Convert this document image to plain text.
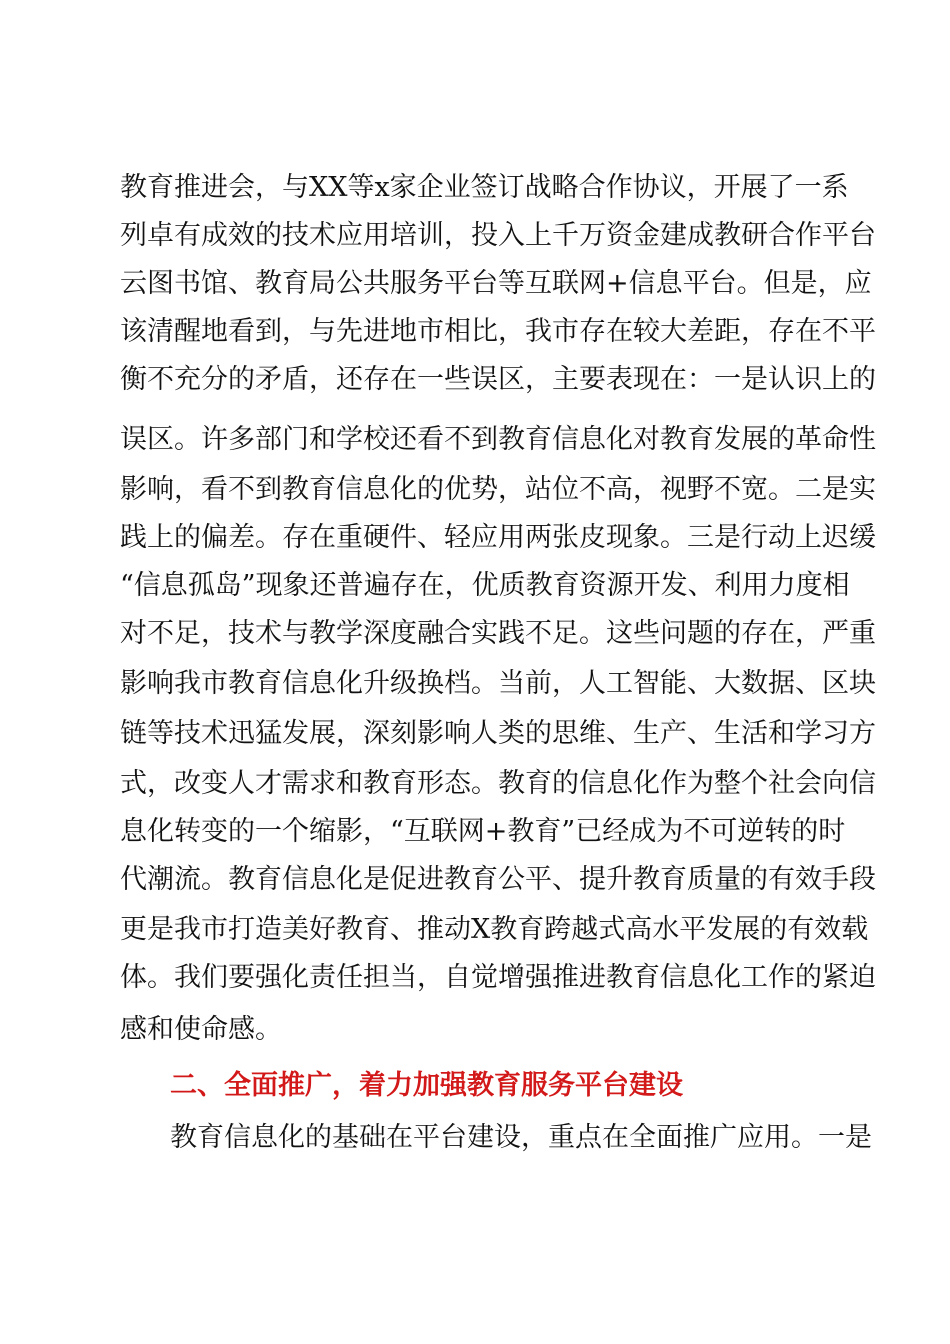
教育推进会，与XX等x家企业签订战略合作协议，开展了一系
列卓有成效的技术应用培训，投入上千万资金建成教研合作平台
云图书馆、教育局公共服务平台等互联网+信息平台。但是，应
该清醒地看到，与先进地市相比，我市存在较大差距，存在不平
衡不充分的矛盾，还存在一些误区，主要表现在：一是认识上的
误区。许多部门和学校还看不到教育信息化对教育发展的革命性
影响，看不到教育信息化的优势，站位不高，视野不宽。二是实
践上的偏差。存在重硬件、轻应用两张皮现象。三是行动上迟缓
“信息孤岛”现象还普遍存在，优质教育资源开发、利用力度相
对不足，技术与教学深度融合实践不足。这些问题的存在，严重
影响我市教育信息化升级换档。当前，人工智能、大数据、区块
链等技术迅猛发展，深刻影响人类的思维、生产、生活和学习方
式，改变人才需求和教育形态。教育的信息化作为整个社会向信
息化转变的一个缩影，“互联网+教育”已经成为不可逆转的时
代潮流。教育信息化是促进教育公平、提升教育质量的有效手段
更是我市打造美好教育、推动X教育跨越式高水平发展的有效载
体。我们要强化责任担当，自觉增强推进教育信息化工作的紧迫
感和使命感。
二、全面推广，着力加强教育服务平台建设
教育信息化的基础在平台建设，重点在全面推广应用。一是
